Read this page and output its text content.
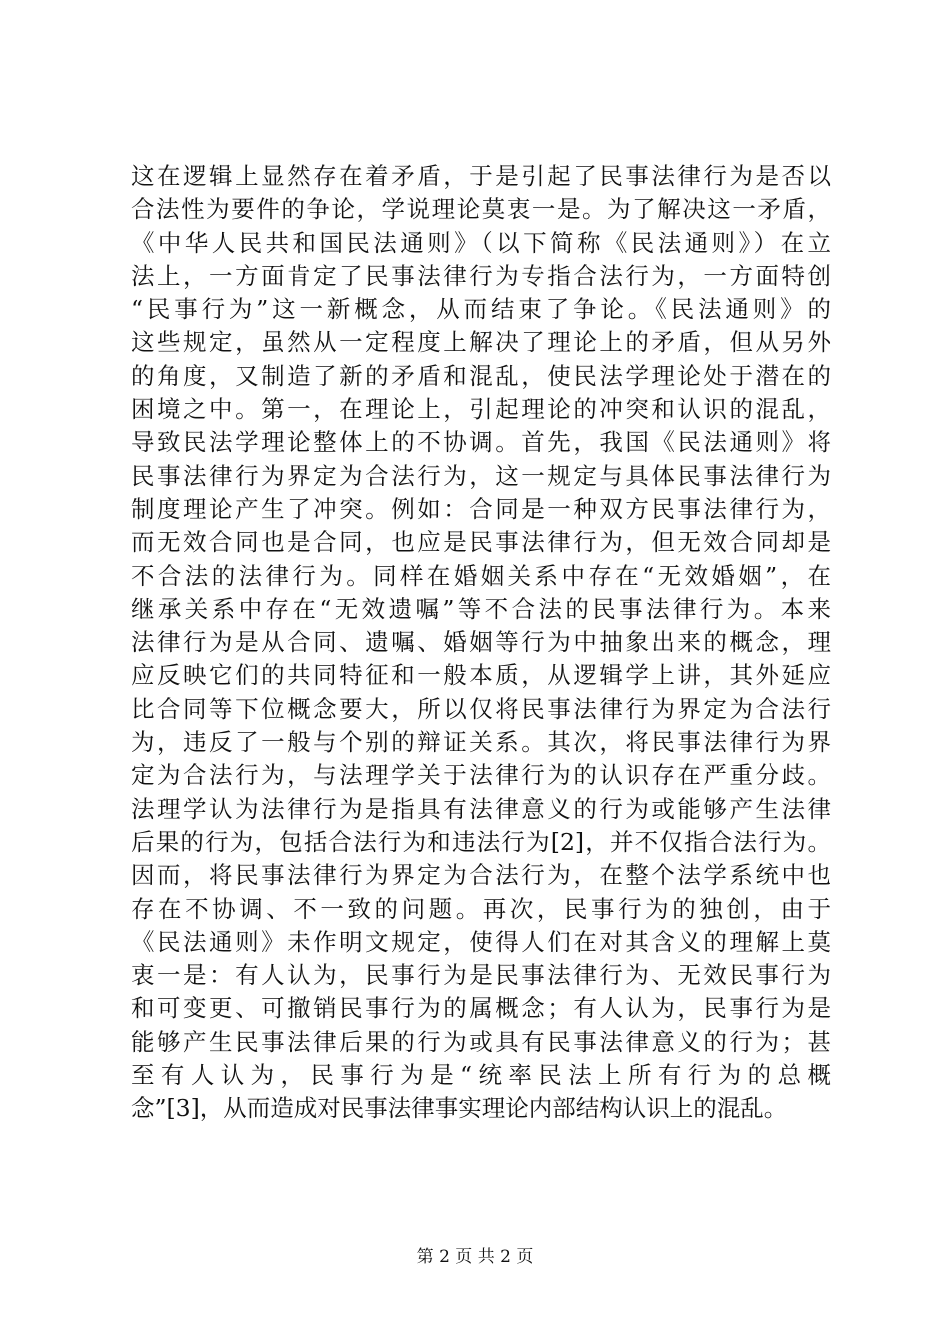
这在逻辑上显然存在着矛盾，于是引起了民事法律行为是否以
合法性为要件的争论，学说理论莫衷一是。为了解决这一矛盾，
《中华人民共和国民法通则》（以下简称《民法通则》）在立
法上，一方面肯定了民事法律行为专指合法行为，一方面特创
“民事行为”这一新概念，从而结束了争论。《民法通则》的
这些规定，虽然从一定程度上解决了理论上的矛盾，但从另外
的角度，又制造了新的矛盾和混乱，使民法学理论处于潜在的
困境之中。第一，在理论上，引起理论的冲突和认识的混乱，
导致民法学理论整体上的不协调。首先，我国《民法通则》将
民事法律行为界定为合法行为，这一规定与具体民事法律行为
制度理论产生了冲突。例如：合同是一种双方民事法律行为，
而无效合同也是合同，也应是民事法律行为，但无效合同却是
不合法的法律行为。同样在婚姻关系中存在“无效婚姻”，在
继承关系中存在“无效遗嘱”等不合法的民事法律行为。本来
法律行为是从合同、遗嘱、婚姻等行为中抽象出来的概念，理
应反映它们的共同特征和一般本质，从逻辑学上讲，其外延应
比合同等下位概念要大，所以仅将民事法律行为界定为合法行
为，违反了一般与个别的辩证关系。其次，将民事法律行为界
定为合法行为，与法理学关于法律行为的认识存在严重分歧。
法理学认为法律行为是指具有法律意义的行为或能够产生法律
后果的行为，包括合法行为和违法行为[2]，并不仅指合法行为。
因而，将民事法律行为界定为合法行为，在整个法学系统中也
存在不协调、不一致的问题。再次，民事行为的独创，由于
《民法通则》未作明文规定，使得人们在对其含义的理解上莫
衷一是：有人认为，民事行为是民事法律行为、无效民事行为
和可变更、可撤销民事行为的属概念；有人认为，民事行为是
能够产生民事法律后果的行为或具有民事法律意义的行为；甚
至有人认为，民事行为是“统率民法上所有行为的总概
念”[3]，从而造成对民事法律事实理论内部结构认识上的混乱。
第 2 页 共 2 页
